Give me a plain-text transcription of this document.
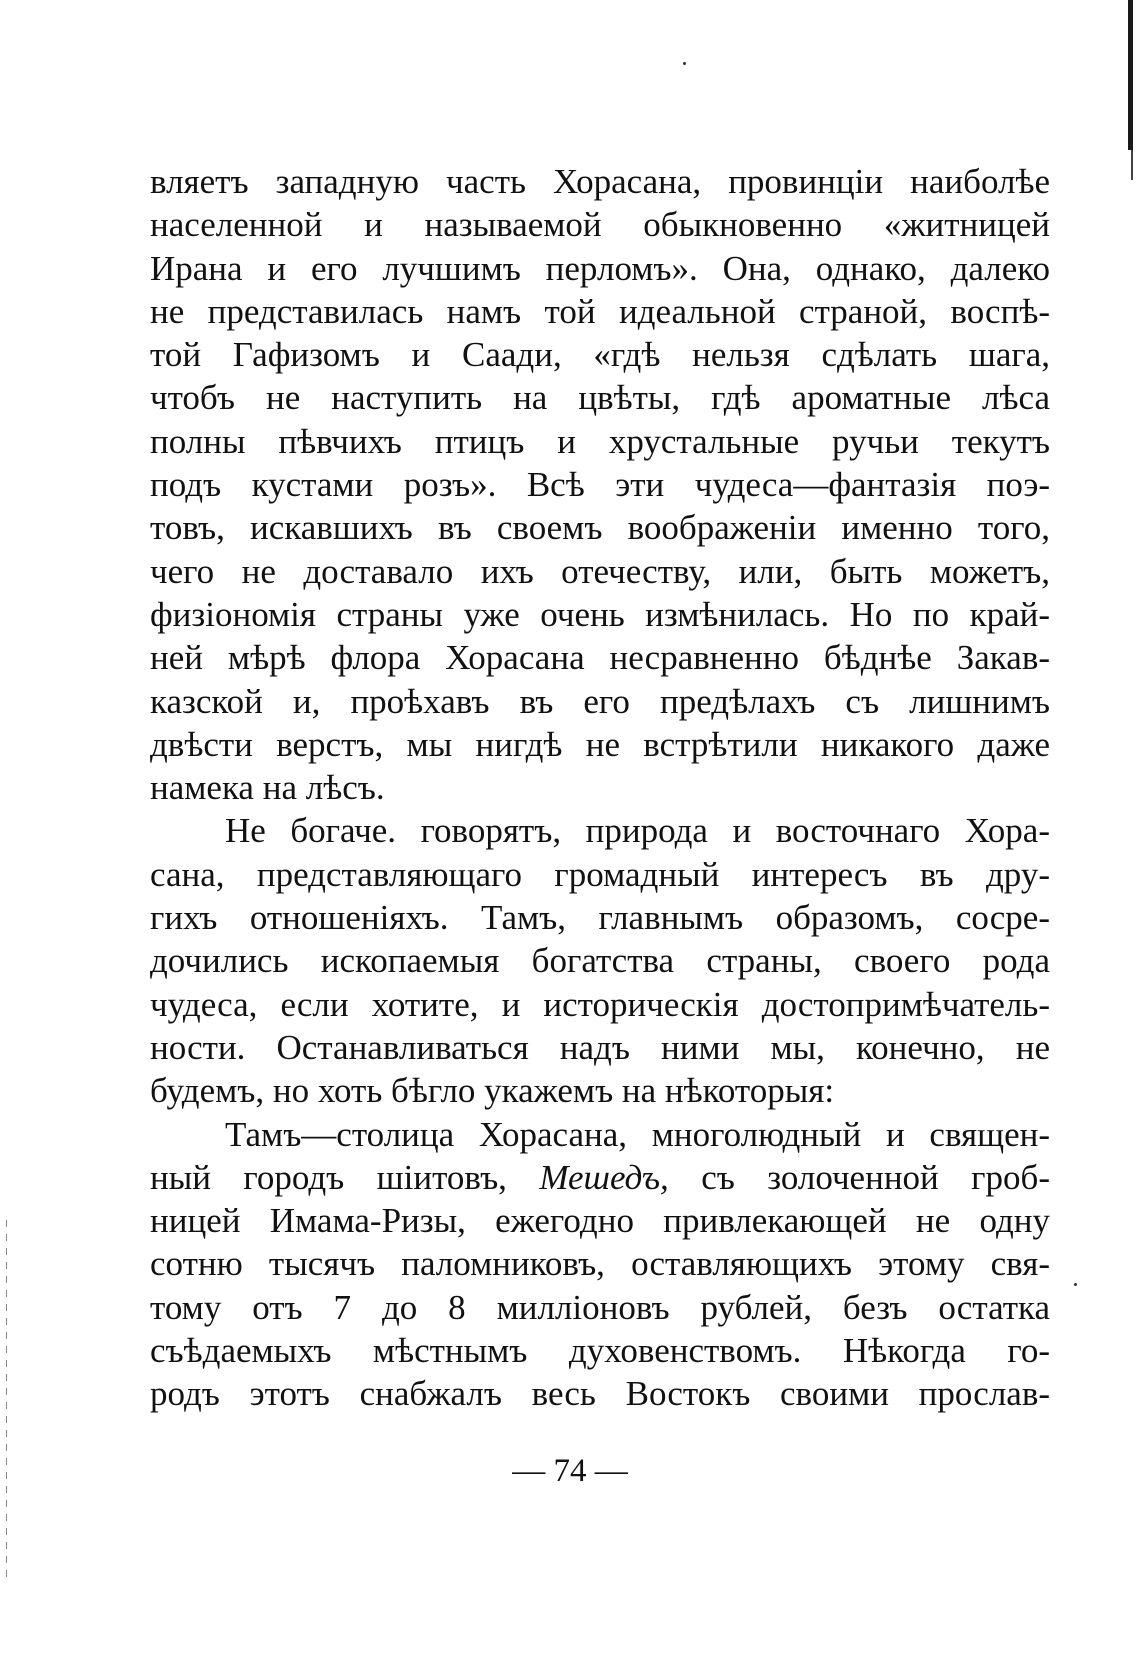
вляетъ западную часть Хорасана, провинціи наиболѣе
населенной и называемой обыкновенно «житницей
Ирана и его лучшимъ перломъ». Она, однако, далеко
не представилась намъ той идеальной страной, воспѣ-
той Гафизомъ и Саади, «гдѣ нельзя сдѣлать шага,
чтобъ не наступить на цвѣты, гдѣ ароматные лѣса
полны пѣвчихъ птицъ и хрустальные ручьи текутъ
подъ кустами розъ». Всѣ эти чудеса—фантазія поэ-
товъ, искавшихъ въ своемъ воображеніи именно того,
чего не доставало ихъ отечеству, или, быть можетъ,
физіономія страны уже очень измѣнилась. Но по край-
ней мѣрѣ флора Хорасана несравненно бѣднѣе Закав-
казской и, проѣхавъ въ его предѣлахъ съ лишнимъ
двѣсти верстъ, мы нигдѣ не встрѣтили никакого даже
намека на лѣсъ.
Не богаче. говорятъ, природа и восточнаго Хора-
сана, представляющаго громадный интересъ въ дру-
гихъ отношеніяхъ. Тамъ, главнымъ образомъ, сосре-
дочились ископаемыя богатства страны, своего рода
чудеса, если хотите, и историческія достопримѣчатель-
ности. Останавливаться надъ ними мы, конечно, не
будемъ, но хоть бѣгло укажемъ на нѣкоторыя:
Тамъ—столица Хорасана, многолюдный и священ-
ный городъ шіитовъ, Мешедъ, съ золоченной гроб-
ницей Имама-Ризы, ежегодно привлекающей не одну
сотню тысячъ паломниковъ, оставляющихъ этому свя-
тому отъ 7 до 8 милліоновъ рублей, безъ остатка
съѣдаемыхъ мѣстнымъ духовенствомъ. Нѣкогда го-
родъ этотъ снабжалъ весь Востокъ своими прослав-
— 74 —
